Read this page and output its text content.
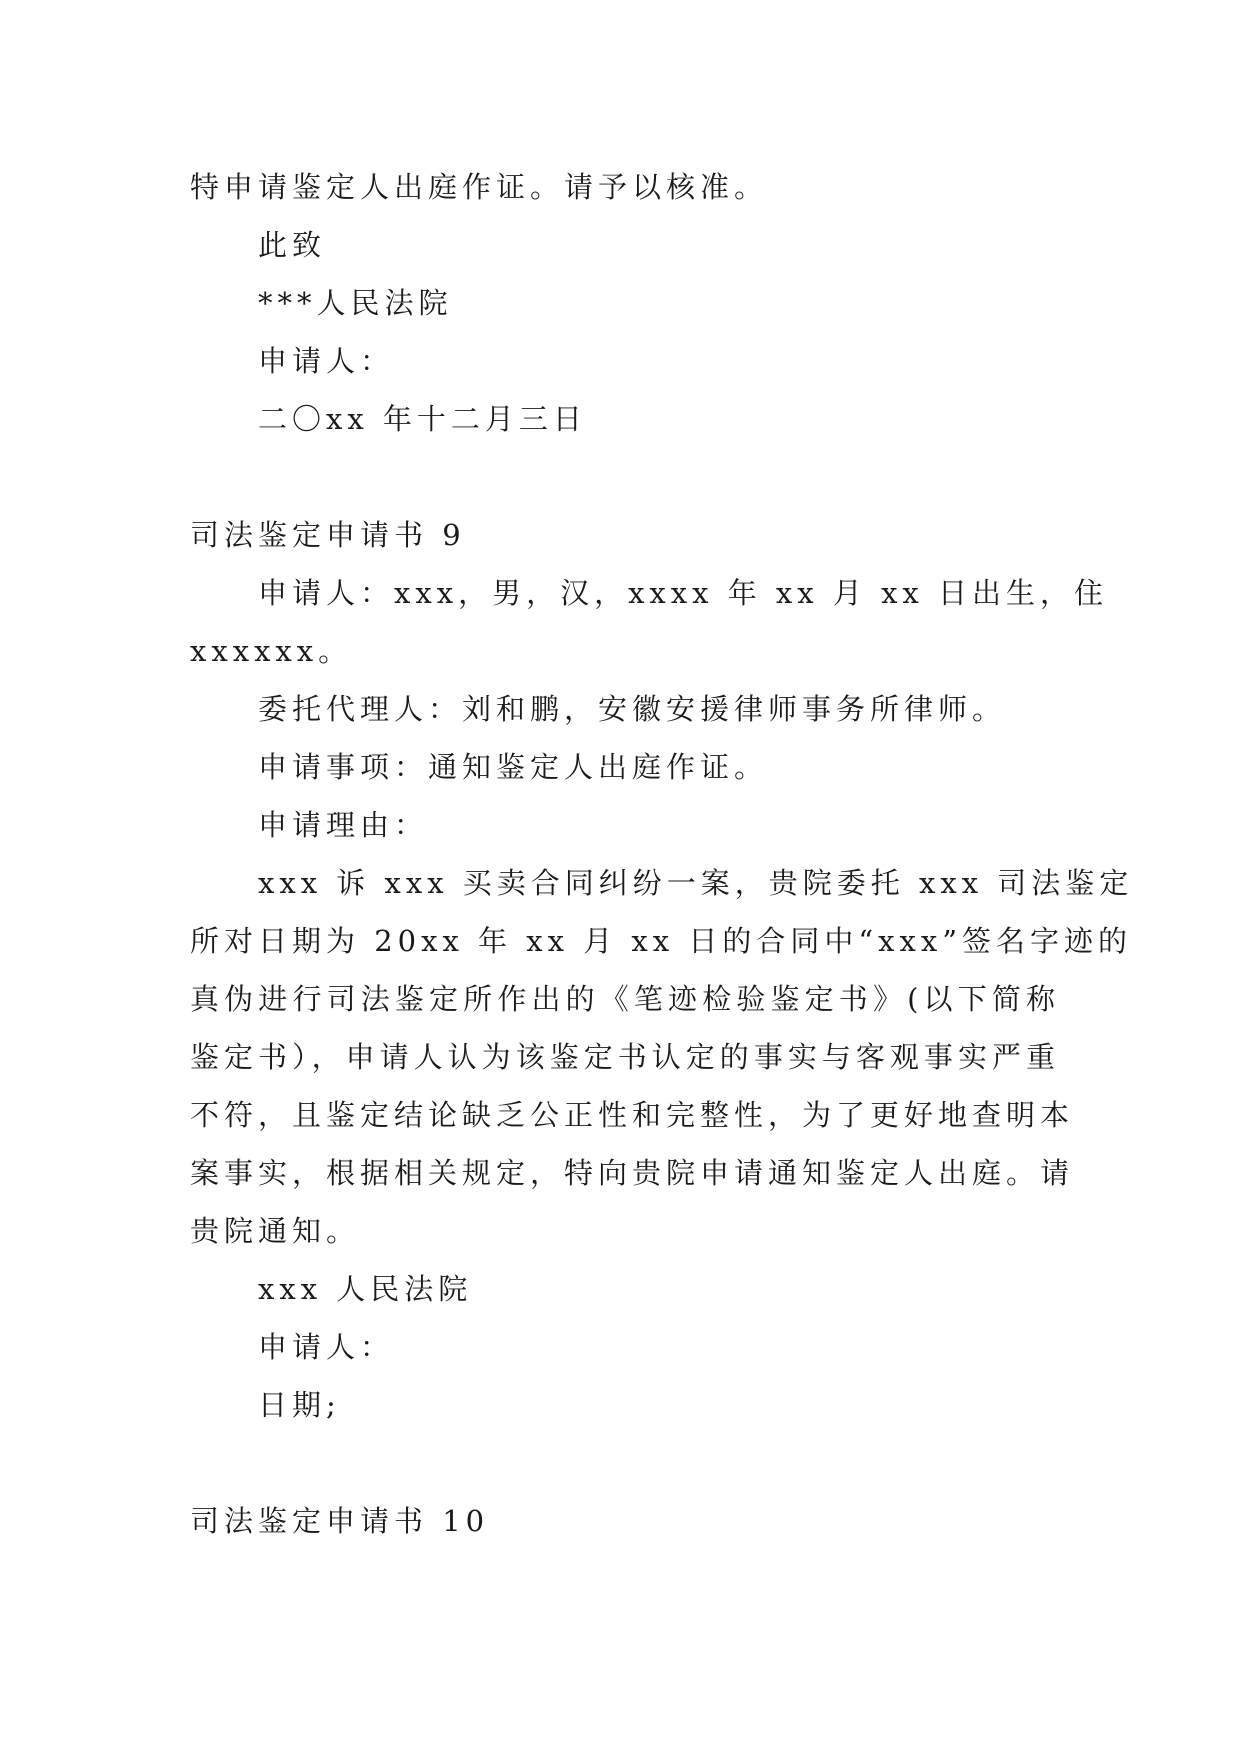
特申请鉴定人出庭作证。请予以核准。
此致
***人民法院
申请人：
二〇xx 年十二月三日
司法鉴定申请书 9
申请人：xxx，男，汉，xxxx 年 xx 月 xx 日出生，住
xxxxxx。
委托代理人：刘和鹏，安徽安援律师事务所律师。
申请事项：通知鉴定人出庭作证。
申请理由：
xxx 诉 xxx 买卖合同纠纷一案，贵院委托 xxx 司法鉴定
所对日期为 20xx 年 xx 月 xx 日的合同中“xxx”签名字迹的
真伪进行司法鉴定所作出的《笔迹检验鉴定书》(以下简称
鉴定书），申请人认为该鉴定书认定的事实与客观事实严重
不符，且鉴定结论缺乏公正性和完整性，为了更好地查明本
案事实，根据相关规定，特向贵院申请通知鉴定人出庭。请
贵院通知。
xxx 人民法院
申请人：
日期;
司法鉴定申请书 10
